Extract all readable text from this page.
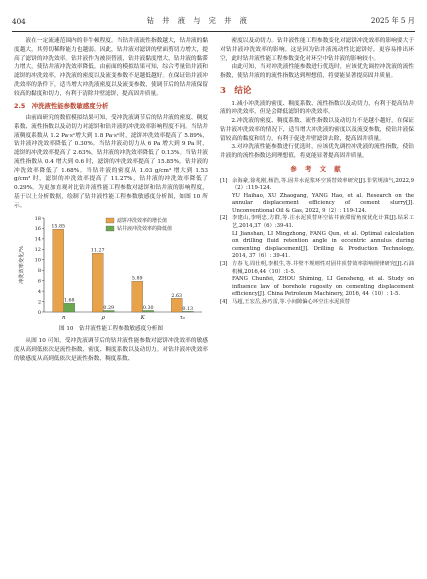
404	钻 井 液 与 完 井 液	2025 年 5 月

液在一定流速范围内的非牛顿程度。当钻井液流性指数越大，钻井液的黏度越大，其剪切稀释能力也越弱。因此，钻井液对滤饼的壁面剪切力增大，提高了滤饼的冲洗效率。钻井液作为被顶替液，钻井液黏度增大，钻井液的黏滞力增大，使钻井液冲洗效率降低。由前面的模拟结果可知，综合考量钻井液和滤饼的冲洗效率，冲洗液的密度以及流变参数不是越低越好。在保证钻井液冲洗效率的条件下，适当增大冲洗液密度以及流变参数，使调节后的钻井液保留较高的黏度和切力，有利于清除井壁滤饼，提高固井质量。

2.5　冲洗液性能参数敏感度分析

由前面研究的数值模拟结果可知，受冲洗液调节后的钻井液的密度、稠度系数、流性指数以及动切力对滤饼和钻井液的冲洗效率影响程度不同。当钻井液稠度系数从 1.2 Pa·sⁿ增大到 1.8 Pa·sⁿ时，滤饼冲洗效率提高了 5.89%，钻井液冲洗效率降低了 0.30%。当钻井液动切力从 6 Pa 增大到 9 Pa 时，滤饼的冲洗效率提高了 2.63%，钻井液的冲洗效率降低了 0.13%。当钻井液流性指数从 0.4 增大到 0.6 时，滤饼的冲洗效率提高了 15.85%，钻井液的冲洗效率降低了 1.68%。当钻井液的密度从 1.03 g/cm³ 增大到 1.53 g/cm³ 时，滤饼的冲洗效率提高了 11.27%，钻井液的冲洗效率降低了 0.29%。为更加直观对比钻井液性能工程参数对滤饼和钻井液的影响程度，基于以上分析数据，绘制了钻井液性能工程参数敏感度分析图，如图 10 所示。

0
2
4
6
8
10
12
14
16
18
冲洗效率变化/%
15.85
1.68
n
11.27
0.29
ρ
5.89
0.30
K
2.63
0.13
τ₀
滤饼冲洗效率的增长值
钻井液冲洗效率的降低值
图 10　钻井液性能工程参数敏感度分析图

从图 10 可知，受冲洗液调节后的钻井液性能参数对滤饼冲洗效率的敏感度从高到低依次是流性指数、密度、稠度系数以及动切力。对钻井液冲洗效率的敏感度从高到低依次是流性指数、稠度系数、

密度以及动切力。钻井液性能工程参数变化对滤饼冲洗效率的影响要大于对钻井液冲洗效率的影响。这是因为钻井液流动性比滤饼好，更容易排出环空，此时钻井液性能工程参数变化对环空中钻井液的影响较小。

由此可知，当对冲洗液性能参数进行优选时，应该优先调控冲洗液的流性指数，使钻井液的的流性指数达到理想值，将要能显著提高固井质量。

3　结论

1.减小冲洗液的密度、稠度系数、流性指数以及动切力，有利于提高钻井液的冲洗效率，但是会降低滤饼的冲洗效率。

2.冲洗液的密度、稠度系数、流性指数以及动切力不是越小越好，在保证钻井液冲洗效率的情况下，适当增大冲洗液的密度以及流变参数，使钻井液保留较高的黏度和切力，有利于促进井壁滤饼去除，提高固井质量。

3.对冲洗液性能参数进行优选时，应该优先调控冲洗液的流性指数，使钻井液的的流性指数达到理想值，将更能显著提高固井质量。

参 考 文 献
[1] 余海豪,徐兆刚,杨浩,等.固井水泥浆环空顶替效率研究[J].非常规油气,2022,9（2）:119-124.
YU Haihao, XU Zhaogang, YANG Hao, et al. Research on the annular displacement efficiency of cement slurry[J]. Unconventional Oil & Gas, 2022, 9（2）: 119-124.
[2] 李建山,李明忠,方群,等.注水泥顶替环空钻井液滞留角度优化计算[J].钻采工艺,2014,37（6）:39-41.
LI Jianshan, LI Mingzhong, FANG Qun, et al. Optimal calculation on drilling fluid retention angle in eccentric annulus during cementing displacement[J]. Drilling & Production Technology, 2014, 37（6）: 39-41.
[3] 方春飞,周仕明,李根生,等.井壁不规则性对固井顶替效率影响规律研究[J].石油机械,2016,44（10）:1-5.
FANG Chunfei, ZHOU Shiming, LI Gensheng, et al. Study on influence law of borehole rugosity on cementing displacement efficiency[J]. China Petroleum Machinery, 2016, 44（10）: 1-5.
[4] 马超,王宏岳,孙巧雷,等.小间隙偏心环空注水泥顶替
